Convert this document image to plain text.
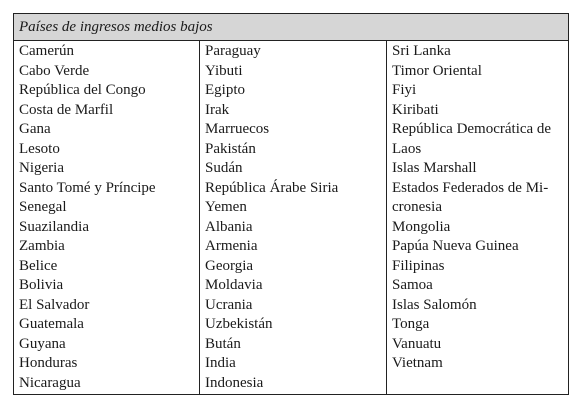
Países de ingresos medios bajos
Camerún
Cabo Verde
República del Congo
Costa de Marfil
Gana
Lesoto
Nigeria
Santo Tomé y Príncipe
Senegal
Suazilandia
Zambia
Belice
Bolivia
El Salvador
Guatemala
Guyana
Honduras
Nicaragua
Paraguay
Yibuti
Egipto
Irak
Marruecos
Pakistán
Sudán
República Árabe Siria
Yemen
Albania
Armenia
Georgia
Moldavia
Ucrania
Uzbekistán
Bután
India
Indonesia
Sri Lanka
Timor Oriental
Fiyi
Kiribati
República Democrática de
Laos
Islas Marshall
Estados Federados de Mi-
cronesia
Mongolia
Papúa Nueva Guinea
Filipinas
Samoa
Islas Salomón
Tonga
Vanuatu
Vietnam
